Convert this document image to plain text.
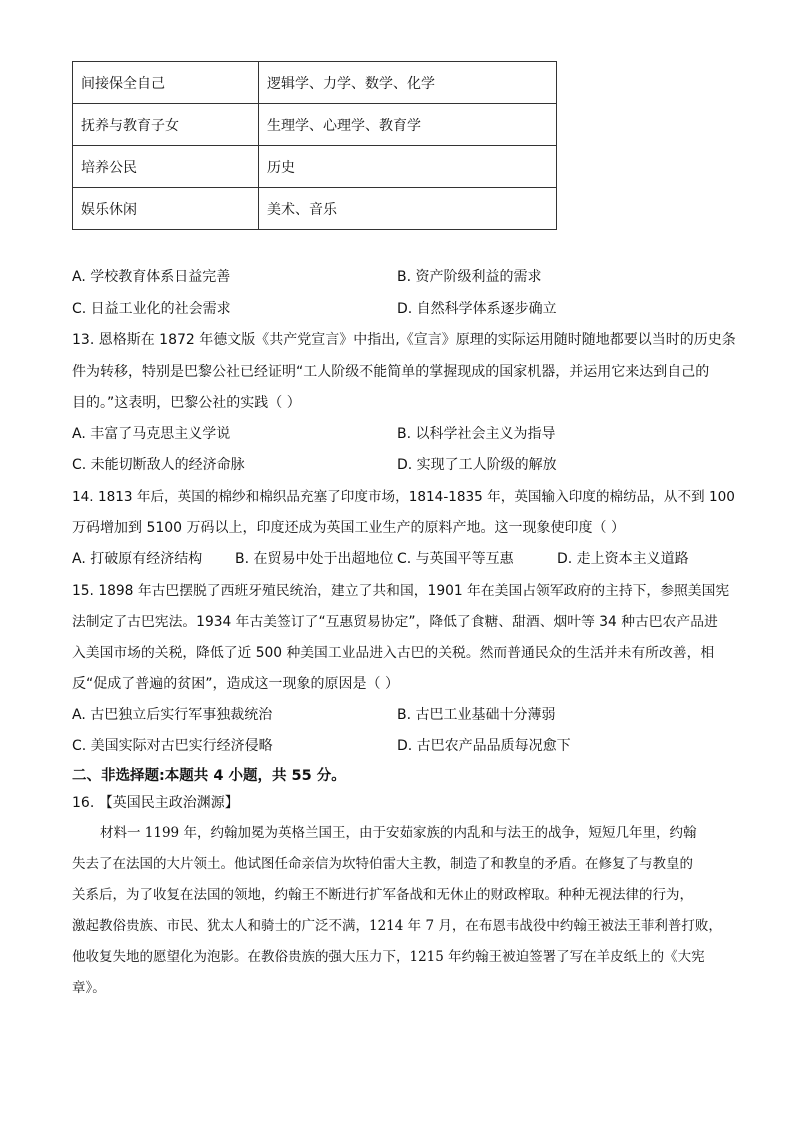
间接保全自己	逻辑学、力学、数学、化学
抚养与教育子女	生理学、心理学、教育学
培养公民	历史
娱乐休闲	美术、音乐
A. 学校教育体系日益完善	B. 资产阶级利益的需求
C. 日益工业化的社会需求	D. 自然科学体系逐步确立
13. 恩格斯在 1872 年德文版《共产党宣言》中指出,《宣言》原理的实际运用随时随地都要以当时的历史条
件为转移，特别是巴黎公社已经证明“工人阶级不能简单的掌握现成的国家机器，并运用它来达到自己的
目的。”这表明，巴黎公社的实践（ ）
A. 丰富了马克思主义学说	B. 以科学社会主义为指导
C. 未能切断敌人的经济命脉	D. 实现了工人阶级的解放
14. 1813 年后，英国的棉纱和棉织品充塞了印度市场，1814-1835 年，英国输入印度的棉纺品，从不到 100
万码增加到 5100 万码以上，印度还成为英国工业生产的原料产地。这一现象使印度（ ）
A. 打破原有经济结构 B. 在贸易中处于出超地位 C. 与英国平等互惠	D. 走上资本主义道路
15. 1898 年古巴摆脱了西班牙殖民统治，建立了共和国，1901 年在美国占领军政府的主持下，参照美国宪
法制定了古巴宪法。1934 年古美签订了“互惠贸易协定”，降低了食糖、甜酒、烟叶等 34 种古巴农产品进
入美国市场的关税，降低了近 500 种美国工业品进入古巴的关税。然而普通民众的生活并未有所改善，相
反“促成了普遍的贫困”，造成这一现象的原因是（ ）
A. 古巴独立后实行军事独裁统治	B. 古巴工业基础十分薄弱
C. 美国实际对古巴实行经济侵略	D. 古巴农产品品质每况愈下
二、非选择题:本题共 4 小题，共 55 分。
16. 【英国民主政治渊源】
材料一 1199 年，约翰加冕为英格兰国王，由于安茹家族的内乱和与法王的战争，短短几年里，约翰
失去了在法国的大片领土。他试图任命亲信为坎特伯雷大主教，制造了和教皇的矛盾。在修复了与教皇的
关系后，为了收复在法国的领地，约翰王不断进行扩军备战和无休止的财政榨取。种种无视法律的行为，
激起教俗贵族、市民、犹太人和骑士的广泛不满，1214 年 7 月，在布恩韦战役中约翰王被法王菲利普打败，
他收复失地的愿望化为泡影。在教俗贵族的强大压力下，1215 年约翰王被迫签署了写在羊皮纸上的《大宪
章》。
